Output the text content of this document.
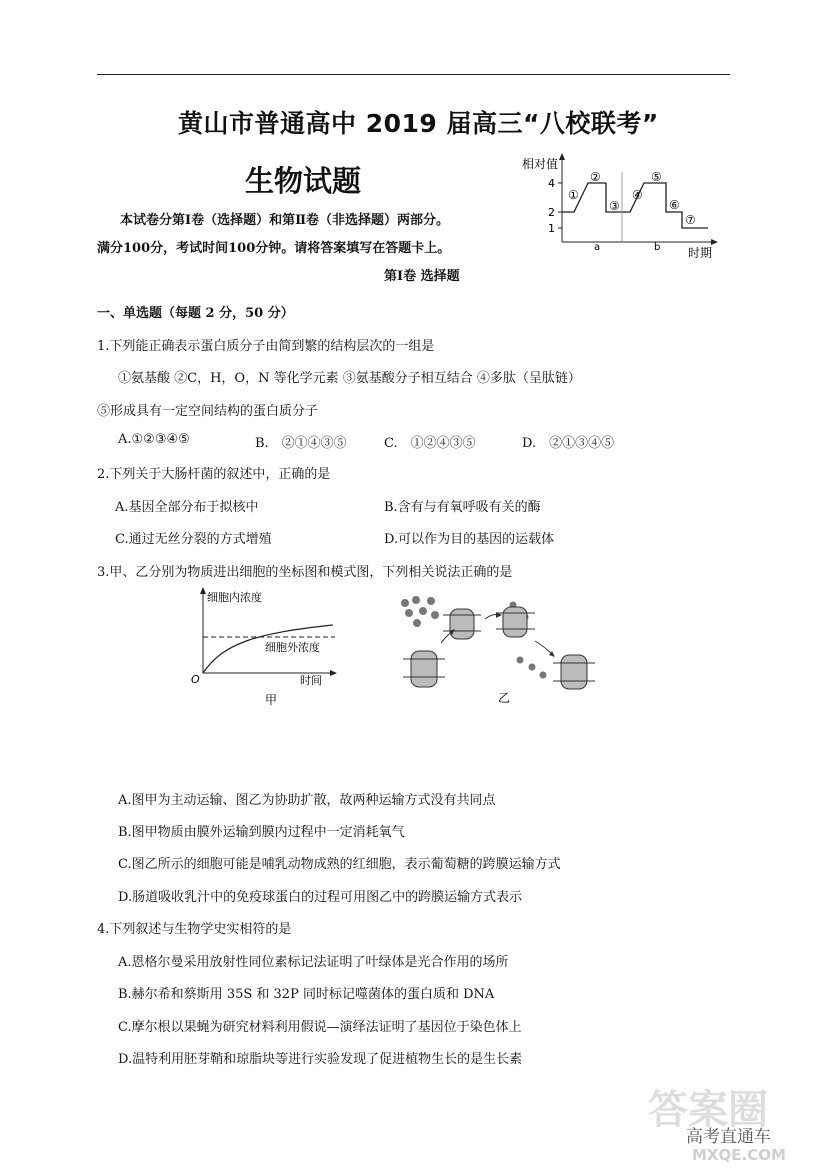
黄山市普通高中 2019 届高三“八校联考”
生物试题
本试卷分第Ⅰ卷（选择题）和第Ⅱ卷（非选择题）两部分。
满分100分，考试时间100分钟。请将答案填写在答题卡上。
第Ⅰ卷 选择题
相对值
4
2
1
a	b 时期
①
②
③
④
⑤
⑥
⑦
一、单选题（每题 2 分，50 分）
1.下列能正确表示蛋白质分子由简到繁的结构层次的一组是
①氨基酸 ②C，H，O，N 等化学元素 ③氨基酸分子相互结合 ④多肽（呈肽链）
⑤形成具有一定空间结构的蛋白质分子
A.①②③④⑤	B.　②①④③⑤	C.　①②④③⑤	D.　②①③④⑤
2.下列关于大肠杆菌的叙述中，正确的是
A.基因全部分布于拟核中	B.含有与有氧呼吸有关的酶
C.通过无丝分裂的方式增殖	D.可以作为目的基因的运载体
3.甲、乙分别为物质进出细胞的坐标图和模式图，下列相关说法正确的是
细胞内浓度
细胞外浓度
O	时间
甲	乙
A.图甲为主动运输、图乙为协助扩散，故两种运输方式没有共同点
B.图甲物质由膜外运输到膜内过程中一定消耗氧气
C.图乙所示的细胞可能是哺乳动物成熟的红细胞，表示葡萄糖的跨膜运输方式
D.肠道吸收乳汁中的免疫球蛋白的过程可用图乙中的跨膜运输方式表示
4.下列叙述与生物学史实相符的是
A.恩格尔曼采用放射性同位素标记法证明了叶绿体是光合作用的场所
B.赫尔希和蔡斯用 35S 和 32P 同时标记噬菌体的蛋白质和 DNA
C.摩尔根以果蝇为研究材料利用假说—演绎法证明了基因位于染色体上
D.温特利用胚芽鞘和琼脂块等进行实验发现了促进植物生长的是生长素
答案圈
高考直通车
MXQE.COM
